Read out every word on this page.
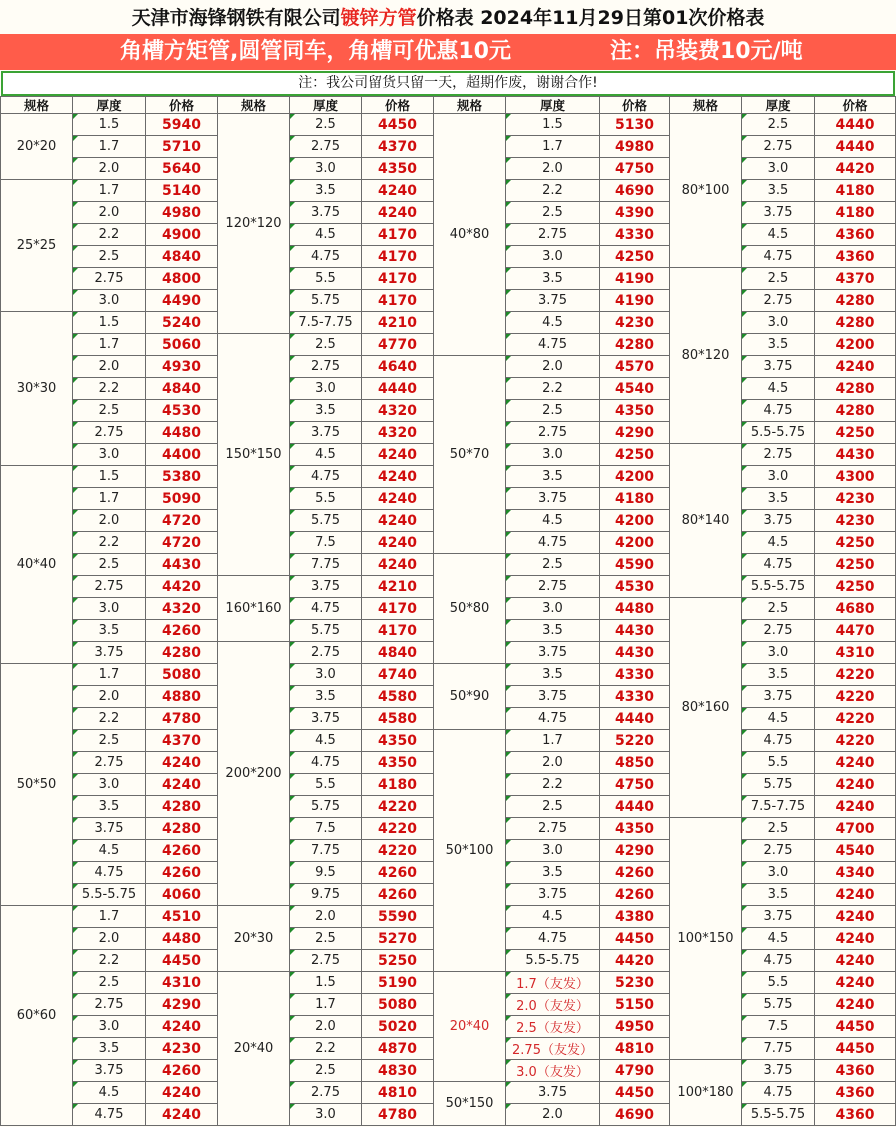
天津市海锋钢铁有限公司镀锌方管价格表 2024年11月29日第01次价格表
角槽方矩管,圆管同车，角槽可优惠10元	注：吊装费10元/吨
注：我公司留货只留一天，超期作废，谢谢合作!
规格	厚度	价格
20*20
1.5	5940
1.7	5710
2.0	5640
25*25
1.7	5140
2.0	4980
2.2	4900
2.5	4840
2.75	4800
3.0	4490
30*30
1.5	5240
1.7	5060
2.0	4930
2.2	4840
2.5	4530
2.75	4480
3.0	4400
40*40
1.5	5380
1.7	5090
2.0	4720
2.2	4720
2.5	4430
2.75	4420
3.0	4320
3.5	4260
3.75	4280
50*50
1.7	5080
2.0	4880
2.2	4780
2.5	4370
2.75	4240
3.0	4240
3.5	4280
3.75	4280
4.5	4260
4.75	4260
5.5-5.75	4060
60*60
1.7	4510
2.0	4480
2.2	4450
2.5	4310
2.75	4290
3.0	4240
3.5	4230
3.75	4260
4.5	4240
4.75	4240
规格	厚度	价格
120*120
2.5	4450
2.75	4370
3.0	4350
3.5	4240
3.75	4240
4.5	4170
4.75	4170
5.5	4170
5.75	4170
7.5-7.75	4210
150*150
2.5	4770
2.75	4640
3.0	4440
3.5	4320
3.75	4320
4.5	4240
4.75	4240
5.5	4240
5.75	4240
7.5	4240
7.75	4240
160*160
3.75	4210
4.75	4170
5.75	4170
200*200
2.75	4840
3.0	4740
3.5	4580
3.75	4580
4.5	4350
4.75	4350
5.5	4180
5.75	4220
7.5	4220
7.75	4220
9.5	4260
9.75	4260
20*30
2.0	5590
2.5	5270
2.75	5250
20*40
1.5	5190
1.7	5080
2.0	5020
2.2	4870
2.5	4830
2.75	4810
3.0	4780
规格	厚度	价格
40*80
1.5	5130
1.7	4980
2.0	4750
2.2	4690
2.5	4390
2.75	4330
3.0	4250
3.5	4190
3.75	4190
4.5	4230
4.75	4280
50*70
2.0	4570
2.2	4540
2.5	4350
2.75	4290
3.0	4250
3.5	4200
3.75	4180
4.5	4200
4.75	4200
50*80
2.5	4590
2.75	4530
3.0	4480
3.5	4430
3.75	4430
50*90
3.5	4330
3.75	4330
4.75	4440
50*100
1.7	5220
2.0	4850
2.2	4750
2.5	4440
2.75	4350
3.0	4290
3.5	4260
3.75	4260
4.5	4380
4.75	4450
5.5-5.75	4420
20*40
1.7（友发）	5230
2.0（友发）	5150
2.5（友发）	4950
2.75（友发）	4810
3.0（友发）	4790
50*150
3.75	4450
2.0	4690
规格	厚度	价格
80*100
2.5	4440
2.75	4440
3.0	4420
3.5	4180
3.75	4180
4.5	4360
4.75	4360
80*120
2.5	4370
2.75	4280
3.0	4280
3.5	4200
3.75	4240
4.5	4280
4.75	4280
5.5-5.75	4250
80*140
2.75	4430
3.0	4300
3.5	4230
3.75	4230
4.5	4250
4.75	4250
5.5-5.75	4250
80*160
2.5	4680
2.75	4470
3.0	4310
3.5	4220
3.75	4220
4.5	4220
4.75	4220
5.5	4240
5.75	4240
7.5-7.75	4240
100*150
2.5	4700
2.75	4540
3.0	4340
3.5	4240
3.75	4240
4.5	4240
4.75	4240
5.5	4240
5.75	4240
7.5	4450
7.75	4450
100*180
3.75	4360
4.75	4360
5.5-5.75	4360
